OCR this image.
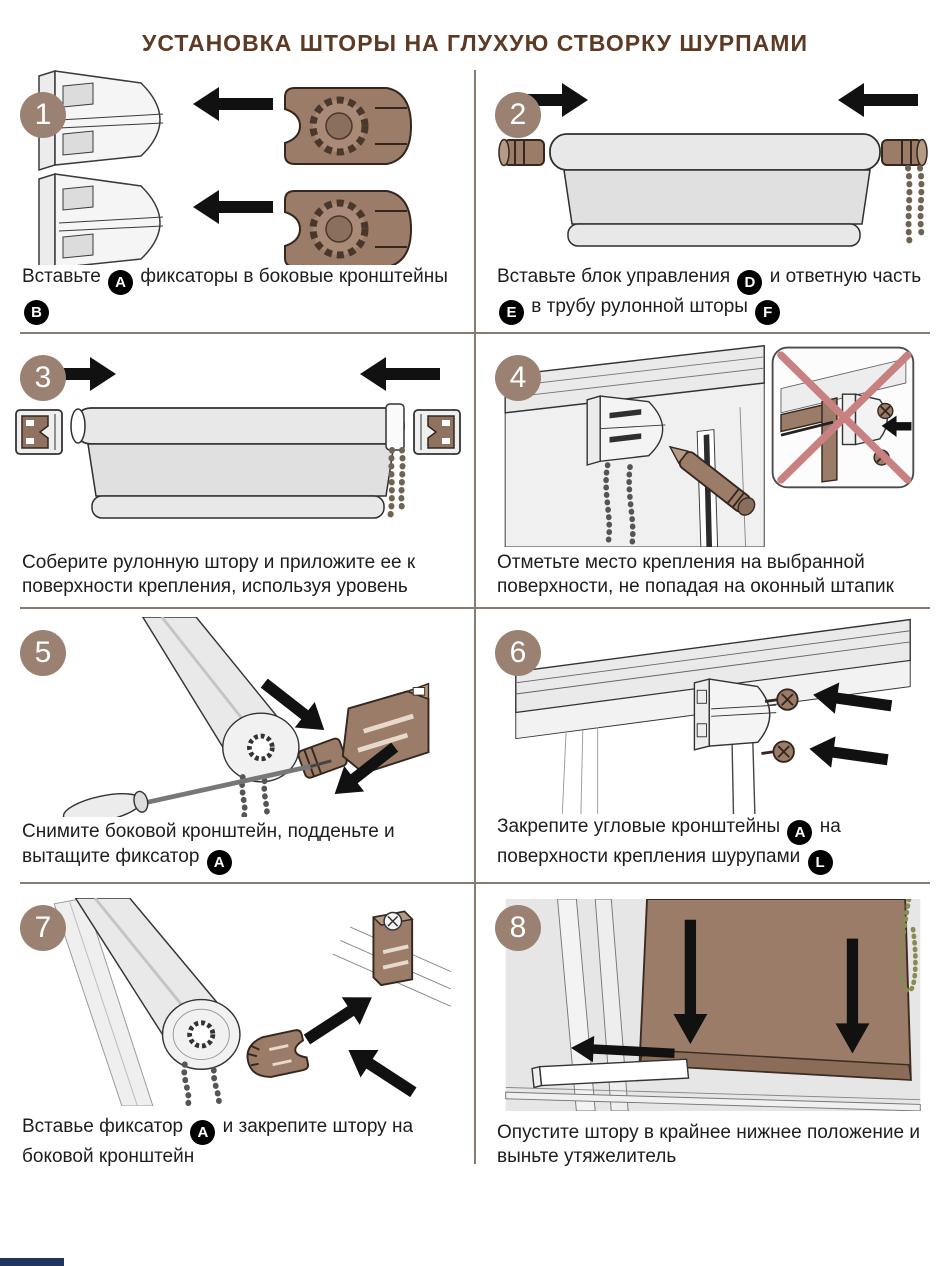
УСТАНОВКА ШТОРЫ НА ГЛУХУЮ СТВОРКУ ШУРПАМИ
1

Вставьте A фиксаторы в боковые кронштейны B

2

Вставьте блок управления D и ответную часть E в трубу рулонной шторы F

3

Соберите рулонную штору и приложите ее к поверхности крепления, используя уровень

4

Отметьте место крепления на выбранной поверхности, не попадая на оконный штапик

5

Снимите боковой кронштейн, подденьте и вытащите фиксатор A

6

Закрепите угловые кронштейны A на поверхности крепления шурупами L

7

Вставье фиксатор A и закрепите штору на боковой кронштейн

8

Опустите штору в крайнее нижнее положение и выньте утяжелитель
